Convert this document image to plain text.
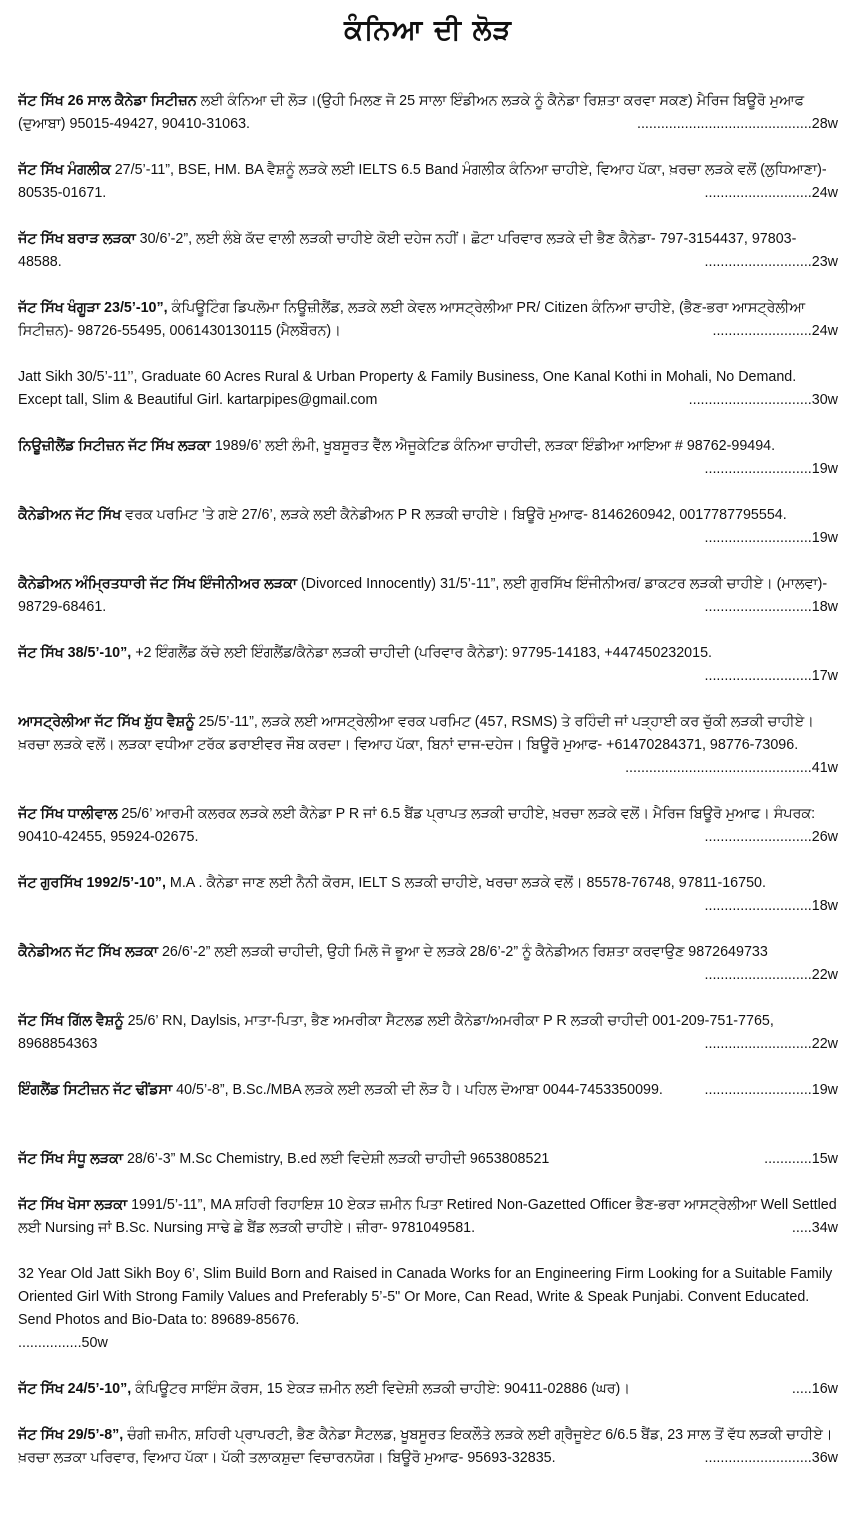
ਕੰਨਿਆ ਦੀ ਲੋੜ
ਜੱਟ ਸਿੱਖ 26 ਸਾਲ ਕੈਨੇਡਾ ਸਿਟੀਜ਼ਨ ਲਈ ਕੰਨਿਆ ਦੀ ਲੋੜ।(ਉਹੀ ਮਿਲਣ ਜੋ 25 ਸਾਲਾ ਇੰਡੀਅਨ ਲੜਕੇ ਨੂੰ ਕੈਨੇਡਾ ਰਿਸ਼ਤਾ ਕਰਵਾ ਸਕਣ) ਮੈਰਿਜ ਬਿਊਰੋ ਮੁਆਫ (ਦੁਆਬਾ) 95015-49427, 90410-31063.	............................................28w
ਜੱਟ ਸਿੱਖ ਮੰਗਲੀਕ 27/5’-11”, BSE, HM. BA ਵੈਸ਼ਨੂੰ ਲੜਕੇ ਲਈ IELTS 6.5 Band ਮੰਗਲੀਕ ਕੰਨਿਆ ਚਾਹੀਏ, ਵਿਆਹ ਪੱਕਾ, ਖ਼ਰਚਾ ਲੜਕੇ ਵਲੋਂ (ਲੁਧਿਆਣਾ)- 80535-01671.	...........................24w
ਜੱਟ ਸਿੱਖ ਬਰਾੜ ਲੜਕਾ 30/6’-2”, ਲਈ ਲੰਬੇ ਕੱਦ ਵਾਲੀ ਲੜਕੀ ਚਾਹੀਏ ਕੋਈ ਦਹੇਜ ਨਹੀਂ। ਛੋਟਾ ਪਰਿਵਾਰ ਲੜਕੇ ਦੀ ਭੈਣ ਕੈਨੇਡਾ- 797-3154437, 97803-48588.	...........................23w
ਜੱਟ ਸਿੱਖ ਖੰਗੂੜਾ 23/5’-10”, ਕੰਪਿਊਟਿੰਗ ਡਿਪਲੋਮਾ ਨਿਊਜ਼ੀਲੈਂਡ, ਲੜਕੇ ਲਈ ਕੇਵਲ ਆਸਟ੍ਰੇਲੀਆ PR/ Citizen ਕੰਨਿਆ ਚਾਹੀਏ, (ਭੈਣ-ਭਰਾ ਆਸਟ੍ਰੇਲੀਆ ਸਿਟੀਜ਼ਨ)- 98726-55495, 0061430130115 (ਮੈਲਬੌਰਨ)।	.........................24w
Jatt Sikh 30/5’-11’’, Graduate 60 Acres Rural & Urban Property & Family Business, One Kanal Kothi in Mohali, No Demand. Except tall, Slim & Beautiful Girl. kartarpipes@gmail.com	...............................30w
ਨਿਊਜ਼ੀਲੈਂਡ ਸਿਟੀਜ਼ਨ ਜੱਟ ਸਿੱਖ ਲੜਕਾ 1989/6’ ਲਈ ਲੰਮੀ, ਖੂਬਸੂਰਤ ਵੈੱਲ ਐਜੂਕੇਟਿਡ ਕੰਨਿਆ ਚਾਹੀਦੀ, ਲੜਕਾ ਇੰਡੀਆ ਆਇਆ # 98762-99494.
...........................19w
ਕੈਨੇਡੀਅਨ ਜੱਟ ਸਿੱਖ ਵਰਕ ਪਰਮਿਟ ’ਤੇ ਗਏ 27/6’, ਲੜਕੇ ਲਈ ਕੈਨੇਡੀਅਨ P R ਲੜਕੀ ਚਾਹੀਏ। ਬਿਊਰੋ ਮੁਆਫ- 8146260942, 0017787795554.
...........................19w
ਕੈਨੇਡੀਅਨ ਅੰਮ੍ਰਿਤਧਾਰੀ ਜੱਟ ਸਿੱਖ ਇੰਜੀਨੀਅਰ ਲੜਕਾ (Divorced Innocently) 31/5’-11”, ਲਈ ਗੁਰਸਿੱਖ ਇੰਜੀਨੀਅਰ/ ਡਾਕਟਰ ਲੜਕੀ ਚਾਹੀਏ। (ਮਾਲਵਾ)- 98729-68461.	...........................18w
ਜੱਟ ਸਿੱਖ 38/5’-10”, +2 ਇੰਗਲੈਂਡ ਕੱਚੇ ਲਈ ਇੰਗਲੈਂਡ/ਕੈਨੇਡਾ ਲੜਕੀ ਚਾਹੀਦੀ (ਪਰਿਵਾਰ ਕੈਨੇਡਾ): 97795-14183, +447450232015.
...........................17w
ਆਸਟ੍ਰੇਲੀਆ ਜੱਟ ਸਿੱਖ ਸ਼ੁੱਧ ਵੈਸ਼ਨੂੰ 25/5’-11”, ਲੜਕੇ ਲਈ ਆਸਟ੍ਰੇਲੀਆ ਵਰਕ ਪਰਮਿਟ (457, RSMS) ਤੇ ਰਹਿੰਦੀ ਜਾਂ ਪੜ੍ਹਾਈ ਕਰ ਚੁੱਕੀ ਲੜਕੀ ਚਾਹੀਏ। ਖ਼ਰਚਾ ਲੜਕੇ ਵਲੋਂ। ਲੜਕਾ ਵਧੀਆ ਟਰੱਕ ਡਰਾਈਵਰ ਜੌਬ ਕਰਦਾ। ਵਿਆਹ ਪੱਕਾ, ਬਿਨਾਂ ਦਾਜ-ਦਹੇਜ। ਬਿਊਰੋ ਮੁਆਫ- +61470284371, 98776-73096.
...............................................41w
ਜੱਟ ਸਿੱਖ ਧਾਲੀਵਾਲ 25/6’ ਆਰਮੀ ਕਲਰਕ ਲੜਕੇ ਲਈ ਕੈਨੇਡਾ P R ਜਾਂ 6.5 ਬੈਂਡ ਪ੍ਰਾਪਤ ਲੜਕੀ ਚਾਹੀਏ, ਖ਼ਰਚਾ ਲੜਕੇ ਵਲੋਂ। ਮੈਰਿਜ ਬਿਊਰੋ ਮੁਆਫ। ਸੰਪਰਕ: 90410-42455, 95924-02675.	...........................26w
ਜੱਟ ਗੁਰਸਿੱਖ 1992/5’-10”, M.A . ਕੈਨੇਡਾ ਜਾਣ ਲਈ ਨੈਨੀ ਕੋਰਸ, IELT S ਲੜਕੀ ਚਾਹੀਏ, ਖਰਚਾ ਲੜਕੇ ਵਲੋਂ। 85578-76748, 97811-16750.
...........................18w
ਕੈਨੇਡੀਅਨ ਜੱਟ ਸਿੱਖ ਲੜਕਾ 26/6’-2” ਲਈ ਲੜਕੀ ਚਾਹੀਦੀ, ਉਹੀ ਮਿਲੋ ਜੋ ਭੂਆ ਦੇ ਲੜਕੇ 28/6’-2” ਨੂੰ ਕੈਨੇਡੀਅਨ ਰਿਸ਼ਤਾ ਕਰਵਾਉਣ 9872649733
...........................22w
ਜੱਟ ਸਿੱਖ ਗਿੱਲ ਵੈਸ਼ਨੂੰ 25/6’ RN, Daylsis, ਮਾਤਾ-ਪਿਤਾ, ਭੈਣ ਅਮਰੀਕਾ ਸੈਟਲਡ ਲਈ ਕੈਨੇਡਾ/ਅਮਰੀਕਾ P R ਲੜਕੀ ਚਾਹੀਦੀ 001-209-751-7765, 8968854363	...........................22w
ਇੰਗਲੈਂਡ ਸਿਟੀਜ਼ਨ ਜੱਟ ਢੀਂਡਸਾ 40/5’-8”, B.Sc./MBA ਲੜਕੇ ਲਈ ਲੜਕੀ ਦੀ ਲੋੜ ਹੈ। ਪਹਿਲ ਦੋਆਬਾ 0044-7453350099.	...........................19w
ਜੱਟ ਸਿੱਖ ਸੰਧੂ ਲੜਕਾ 28/6’-3” M.Sc Chemistry, B.ed ਲਈ ਵਿਦੇਸ਼ੀ ਲੜਕੀ ਚਾਹੀਦੀ 9653808521	............15w
ਜੱਟ ਸਿੱਖ ਖੋਸਾ ਲੜਕਾ 1991/5’-11”, MA ਸ਼ਹਿਰੀ ਰਿਹਾਇਸ਼ 10 ਏਕੜ ਜ਼ਮੀਨ ਪਿਤਾ Retired Non-Gazetted Officer ਭੈਣ-ਭਰਾ ਆਸਟ੍ਰੇਲੀਆ Well Settled ਲਈ Nursing ਜਾਂ B.Sc. Nursing ਸਾਢੇ ਛੇ ਬੈਂਡ ਲੜਕੀ ਚਾਹੀਏ। ਜ਼ੀਰਾ- 9781049581.	.....34w
32 Year Old Jatt Sikh Boy 6’, Slim Build Born and Raised in Canada Works for an Engineering Firm Looking for a Suitable Family Oriented Girl With Strong Family Values and Preferably 5’-5" Or More, Can Read, Write & Speak Punjabi. Convent Educated. Send Photos and Bio-Data to: 89689-85676.
................50w
ਜੱਟ ਸਿੱਖ 24/5’-10”, ਕੰਪਿਊਟਰ ਸਾਇੰਸ ਕੋਰਸ, 15 ਏਕੜ ਜ਼ਮੀਨ ਲਈ ਵਿਦੇਸ਼ੀ ਲੜਕੀ ਚਾਹੀਏ: 90411-02886 (ਘਰ)।	.....16w
ਜੱਟ ਸਿੱਖ 29/5’-8”, ਚੰਗੀ ਜ਼ਮੀਨ, ਸ਼ਹਿਰੀ ਪ੍ਰਾਪਰਟੀ, ਭੈਣ ਕੈਨੇਡਾ ਸੈਟਲਡ, ਖੂਬਸੂਰਤ ਇਕਲੌਤੇ ਲੜਕੇ ਲਈ ਗ੍ਰੈਜੂਏਟ 6/6.5 ਬੈਂਡ, 23 ਸਾਲ ਤੋਂ ਵੱਧ ਲੜਕੀ ਚਾਹੀਏ। ਖ਼ਰਚਾ ਲੜਕਾ ਪਰਿਵਾਰ, ਵਿਆਹ ਪੱਕਾ। ਪੱਕੀ ਤਲਾਕਸ਼ੁਦਾ ਵਿਚਾਰਨਯੋਗ। ਬਿਊਰੋ ਮੁਆਫ- 95693-32835.	...........................36w
